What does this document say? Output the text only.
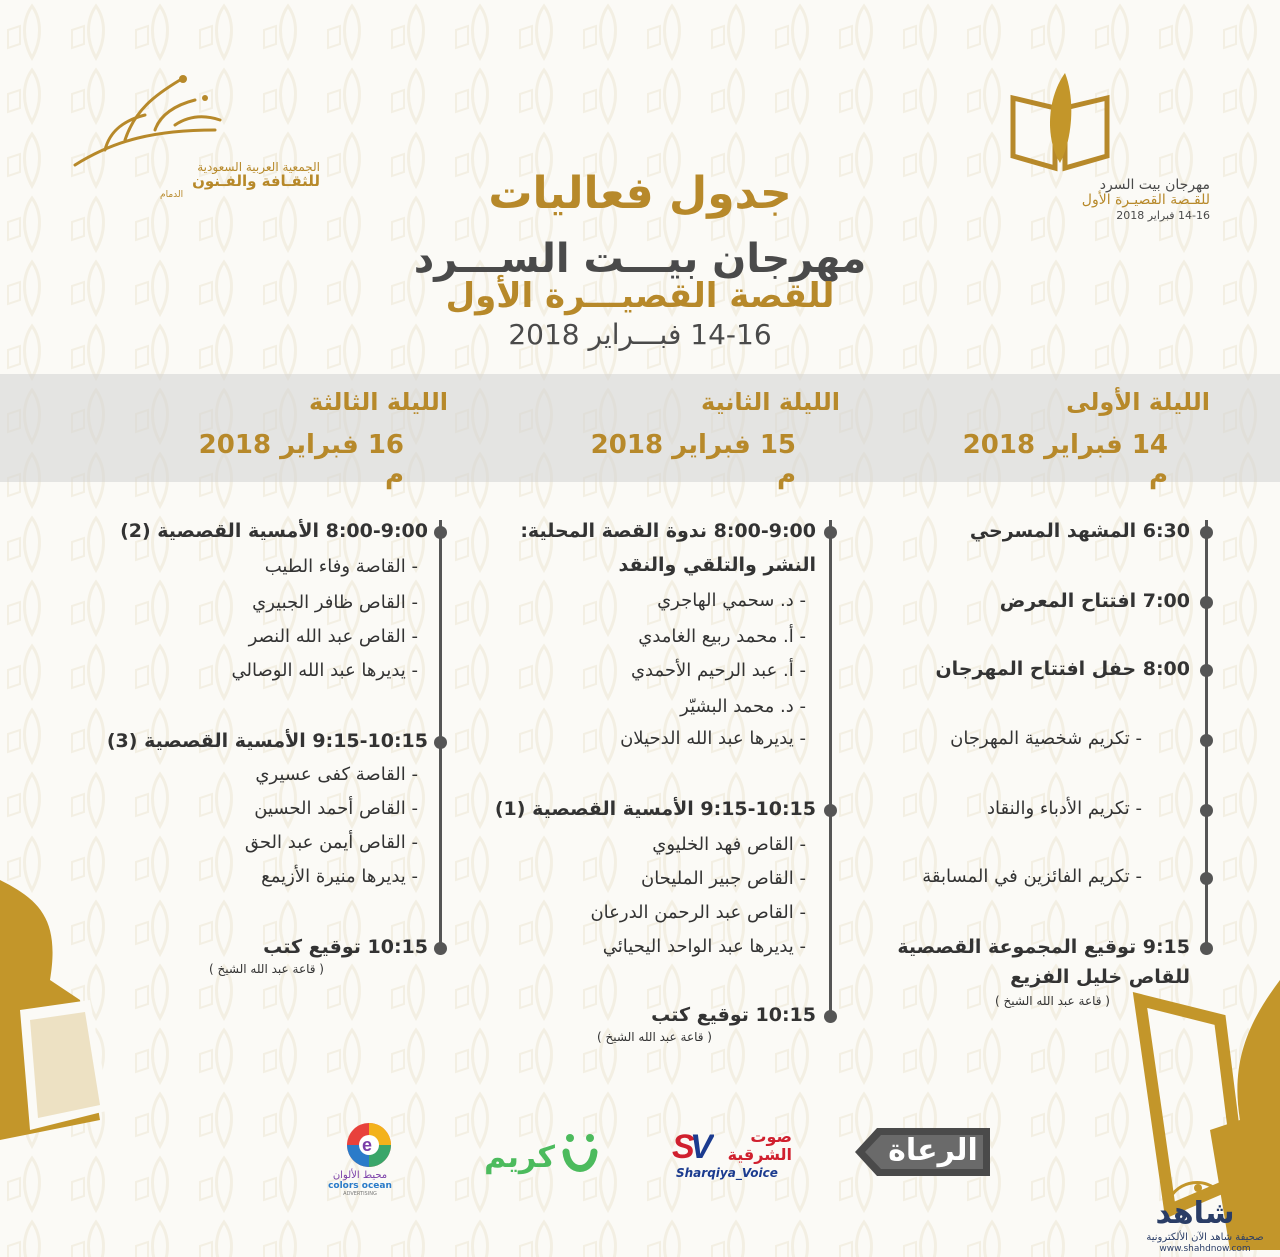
الجمعية العربية السعودية
للثقـافة والفـنون
الدمام
مهرجان بيت السرد
للقـصة القصيـرة الأول
14-16 فبراير 2018
جدول فعاليات
مهرجان بيـــت الســـرد
للقصة القصيـــرة الأول
14-16 فبـــراير 2018
الليلة الأولى
14 فبراير 2018 م
الليلة الثانية
15 فبراير 2018 م
الليلة الثالثة
16 فبراير 2018 م
6:30 المشهد المسرحي
7:00 افتتاح المعرض
8:00 حفل افتتاح المهرجان
- تكريم شخصية المهرجان
- تكريم الأدباء والنقاد
- تكريم الفائزين في المسابقة
9:15 توقيع المجموعة القصصية
للقاص خليل الفزيع
( قاعة عبد الله الشيخ )
8:00-9:00 ندوة القصة المحلية:
النشر والتلقي والنقد
- د. سحمي الهاجري
- أ. محمد ربيع الغامدي
- أ. عبد الرحيم الأحمدي
- د. محمد البشيّر
- يديرها عبد الله الدحيلان
9:15-10:15 الأمسية القصصية (1)
- القاص فهد الخليوي
- القاص جبير المليحان
- القاص عبد الرحمن الدرعان
- يديرها عبد الواحد اليحيائي
10:15 توقيع كتب
( قاعة عبد الله الشيخ )
8:00-9:00 الأمسية القصصية (2)
- القاصة وفاء الطيب
- القاص ظافر الجبيري
- القاص عبد الله النصر
- يديرها عبد الله الوصالي
9:15-10:15 الأمسية القصصية (3)
- القاصة كفى عسيري
- القاص أحمد الحسين
- القاص أيمن عبد الحق
- يديرها منيرة الأزيمع
10:15 توقيع كتب
( قاعة عبد الله الشيخ )
الرعاة
S
V	صوت الشرقية
Sharqiya_Voice
كريم
e
محيط الألوان
colors ocean
ADVERTISING
شاهد
صحيفة شاهد الآن الألكترونية
www.shahdnow.com
